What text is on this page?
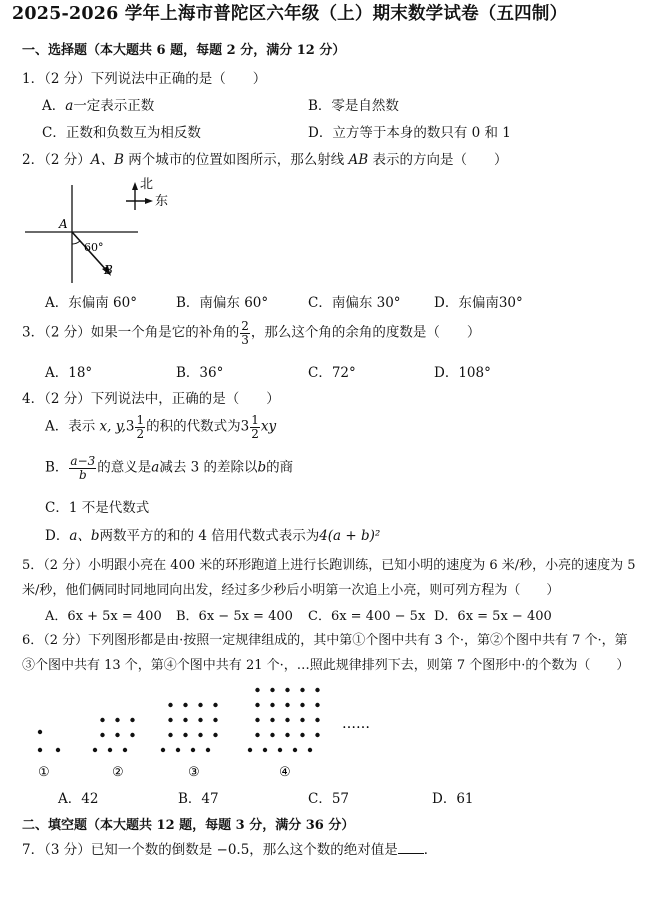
2025-2026 学年上海市普陀区六年级（上）期末数学试卷（五四制）
一、选择题（本大题共 6 题，每题 2 分，满分 12 分）
1．（2 分）下列说法中正确的是（　　）
A．a一定表示正数	B．零是自然数
C．正数和负数互为相反数	D．立方等于本身的数只有 0 和 1
2．（2 分）A、B 两个城市的位置如图所示，那么射线 AB 表示的方向是（　　）
北
东
A
B
60°
A．东偏南 60°	B．南偏东 60°	C．南偏东 30° D．东偏南30°
3．（2 分）如果一个角是它的补角的 $\frac{2}{3}$ ，那么这个角的余角的度数是（　　）
A．18°	B．36°	C．72°	D．108°
4．（2 分）下列说法中，正确的是（　　）
A．表示 x, $y,3 \frac{1}{2}$ 的积的代数式为$3 \frac{1}{2}$ xy
B． $\frac{a-3}{b}$ 的意义是a减去 3 的差除以b的商
C．1 不是代数式
D．a、b两数平方的和的 4 倍用代数式表示为4(a + b)²
5．（2 分）小明跟小亮在 400 米的环形跑道上进行长跑训练，已知小明的速度为 6 米/秒，小亮的速度为 5
米/秒，他们俩同时同地同向出发，经过多少秒后小明第一次追上小亮，则可列方程为（　　）
A．6x + 5x = 400 B．6x − 5x = 400 C．6x = 400 − 5x D．6x = 5x − 400
6．（2 分）下列图形都是由·按照一定规律组成的，其中第①个图中共有 3 个·，第②个图中共有 7 个·，第
③个图中共有 13 个，第④个图中共有 21 个·，…照此规律排列下去，则第 7 个图形中·的个数为（　　）
……
①	②	③	④
A．42	B．47	C．57	D．61
二、填空题（本大题共 12 题，每题 3 分，满分 36 分）
7．（3 分）已知一个数的倒数是 −0.5，那么这个数的绝对值是 ．
